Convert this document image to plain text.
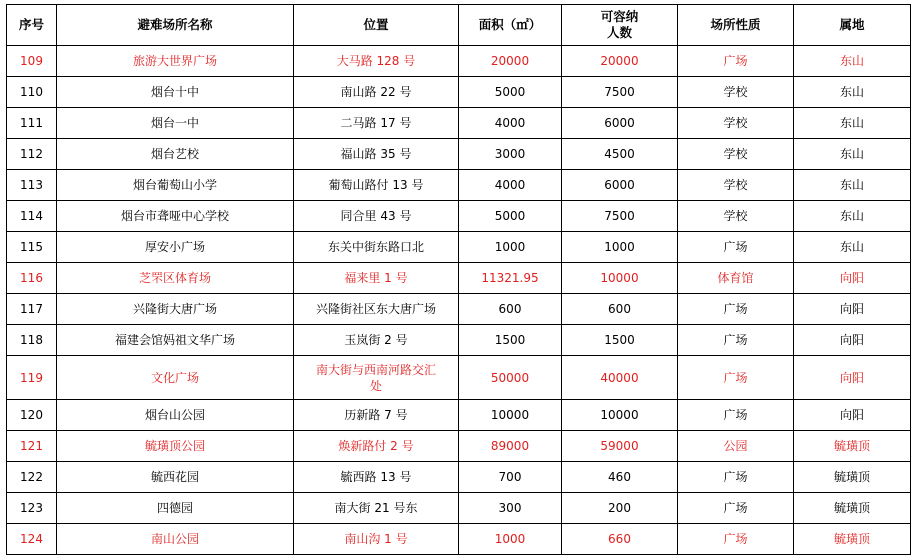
序号	避难场所名称	位置	面积（㎡）	可容纳
人数	场所性质	属地
109	旅游大世界广场	大马路 128 号	20000	20000	广场	东山
110	烟台十中	南山路 22 号	5000	7500	学校	东山
111	烟台一中	二马路 17 号	4000	6000	学校	东山
112	烟台艺校	福山路 35 号	3000	4500	学校	东山
113	烟台葡萄山小学	葡萄山路付 13 号	4000	6000	学校	东山
114	烟台市聋哑中心学校	同合里 43 号	5000	7500	学校	东山
115	厚安小广场	东关中街东路口北	1000	1000	广场	东山
116	芝罘区体育场	福来里 1 号	11321.95	10000	体育馆	向阳
117	兴隆街大唐广场	兴隆街社区东大唐广场	600	600	广场	向阳
118	福建会馆妈祖文华广场	玉岚街 2 号	1500	1500	广场	向阳
119	文化广场	南大街与西南河路交汇
处	50000	40000	广场	向阳
120	烟台山公园	历新路 7 号	10000	10000	广场	向阳
121	毓璜顶公园	焕新路付 2 号	89000	59000	公园	毓璜顶
122	毓西花园	毓西路 13 号	700	460	广场	毓璜顶
123	四德园	南大街 21 号东	300	200	广场	毓璜顶
124	南山公园	南山沟 1 号	1000	660	广场	毓璜顶
